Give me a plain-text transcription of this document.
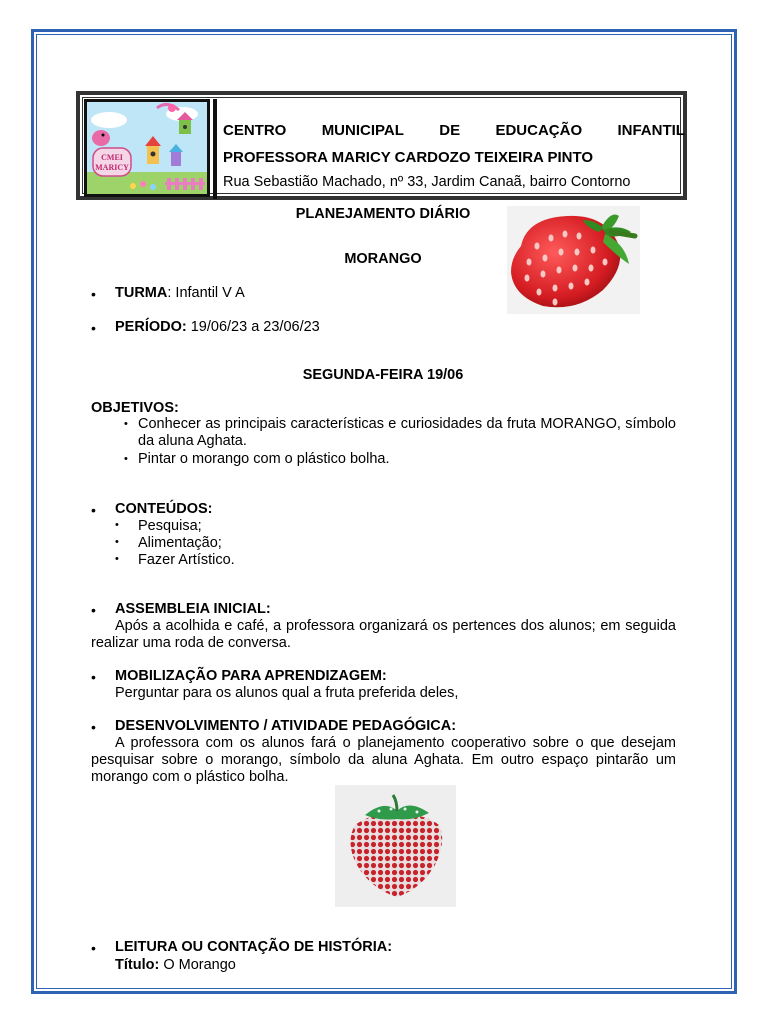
CMEI
MARICY
CENTRO MUNICIPAL DE EDUCAÇÃO INFANTIL
PROFESSORA MARICY CARDOZO TEIXEIRA PINTO
Rua Sebastião Machado, nº 33, Jardim Canaã, bairro Contorno
PLANEJAMENTO DIÁRIO
MORANGO
• TURMA: Infantil V A
• PERÍODO: 19/06/23 a 23/06/23
SEGUNDA-FEIRA 19/06
OBJETIVOS:
• Conhecer as principais características e curiosidades da fruta MORANGO, símbolo da aluna Aghata.
• Pintar o morango com o plástico bolha.
• CONTEÚDOS:
• Pesquisa;
• Alimentação;
• Fazer Artístico.
• ASSEMBLEIA INICIAL:
Após a acolhida e café, a professora organizará os pertences dos alunos; em seguida realizar uma roda de conversa.
• MOBILIZAÇÃO PARA APRENDIZAGEM:
Perguntar para os alunos qual a fruta preferida deles,
• DESENVOLVIMENTO / ATIVIDADE PEDAGÓGICA:
A professora com os alunos fará o planejamento cooperativo sobre o que desejam pesquisar sobre o morango, símbolo da aluna Aghata. Em outro espaço pintarão um morango com o plástico bolha.
• LEITURA OU CONTAÇÃO DE HISTÓRIA:
Título: O Morango
